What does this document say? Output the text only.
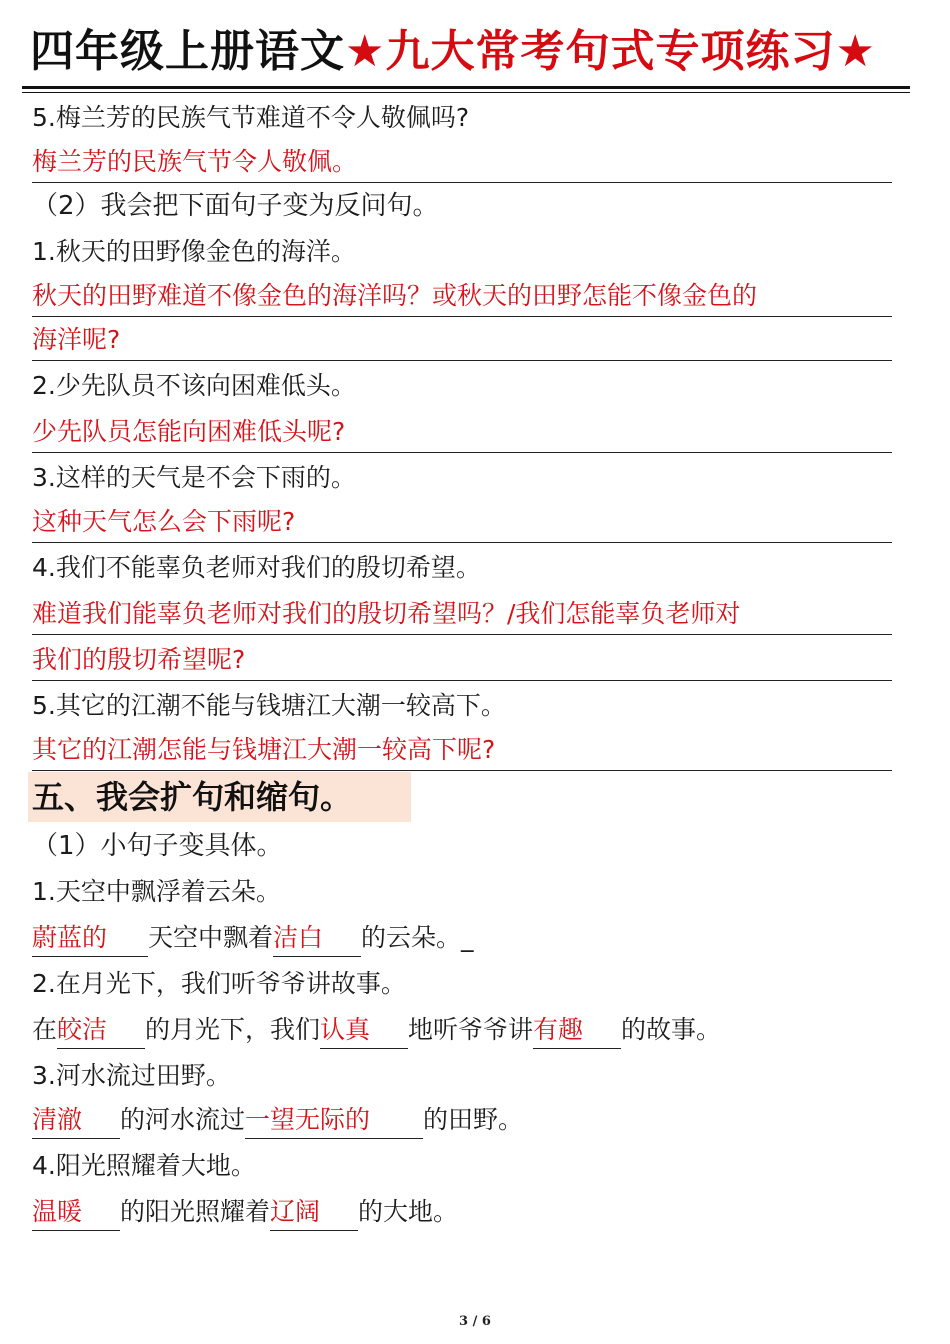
四年级上册语文★九大常考句式专项练习★
5.梅兰芳的民族气节难道不令人敬佩吗?
梅兰芳的民族气节令人敬佩。
（2）我会把下面句子变为反问句。
1.秋天的田野像金色的海洋。
秋天的田野难道不像金色的海洋吗？或秋天的田野怎能不像金色的
海洋呢?
2.少先队员不该向困难低头。
少先队员怎能向困难低头呢?
3.这样的天气是不会下雨的。
这种天气怎么会下雨呢?
4.我们不能辜负老师对我们的殷切希望。
难道我们能辜负老师对我们的殷切希望吗？/我们怎能辜负老师对
我们的殷切希望呢?
5.其它的江潮不能与钱塘江大潮一较高下。
其它的江潮怎能与钱塘江大潮一较高下呢?
五、我会扩句和缩句。
（1）小句子变具体。
1.天空中飘浮着云朵。
蔚蓝的 天空中飘着洁白 的云朵。_
2.在月光下，我们听爷爷讲故事。
在皎洁 的月光下，我们认真 地听爷爷讲有趣 的故事。
3.河水流过田野。
清澈 的河水流过一望无际的 的田野。
4.阳光照耀着大地。
温暖 的阳光照耀着辽阔 的大地。
3 / 6
